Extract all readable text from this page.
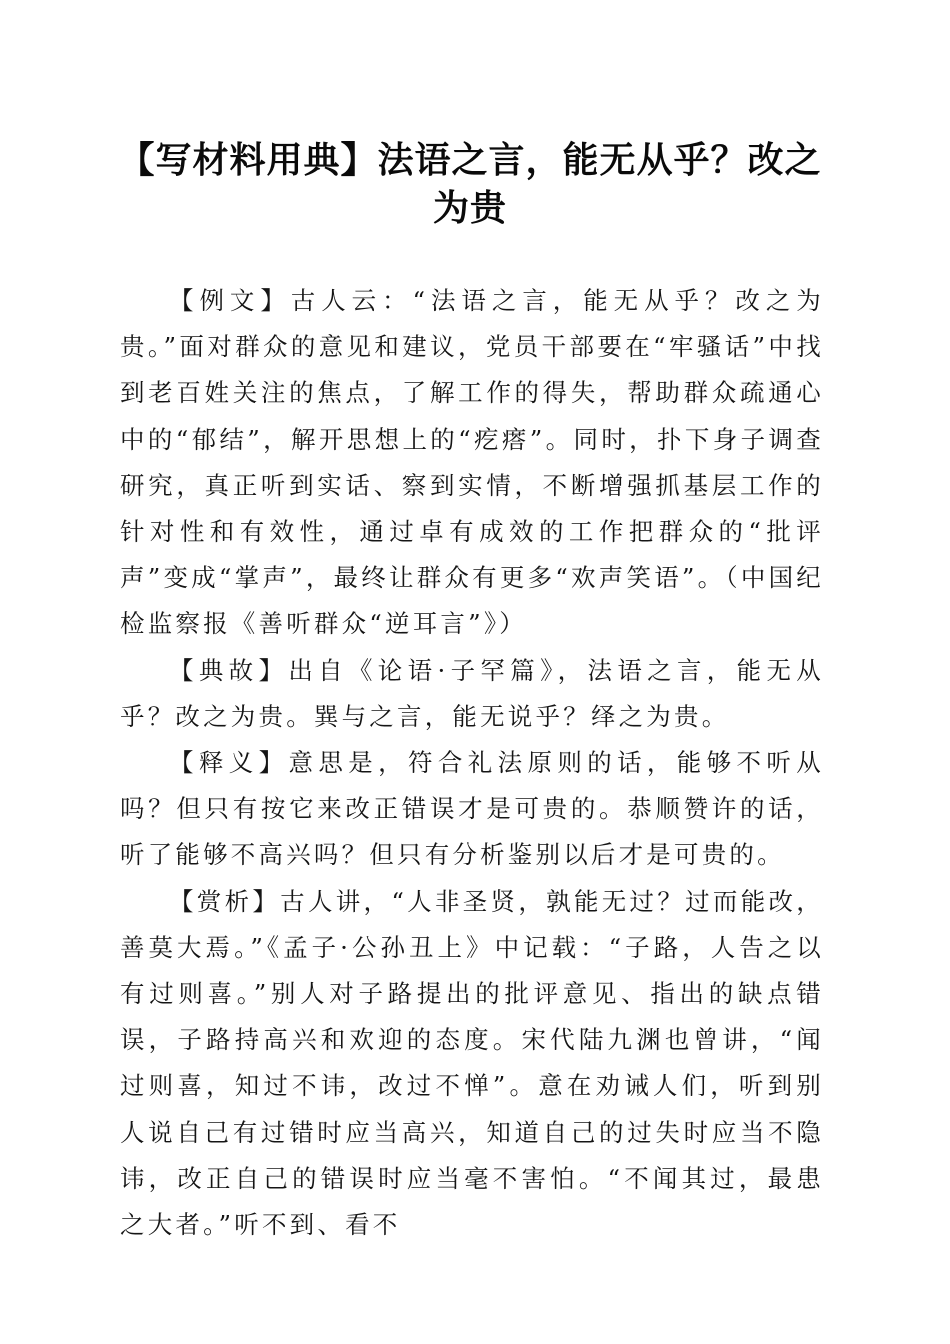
【写材料用典】法语之言，能无从乎？改之为贵

【例文】古人云：“法语之言，能无从乎？改之为贵。”面对群众的意见和建议，党员干部要在“牢骚话”中找到老百姓关注的焦点，了解工作的得失，帮助群众疏通心中的“郁结”，解开思想上的“疙瘩”。同时，扑下身子调查研究，真正听到实话、察到实情，不断增强抓基层工作的针对性和有效性，通过卓有成效的工作把群众的“批评声”变成“掌声”，最终让群众有更多“欢声笑语”。（中国纪检监察报《善听群众“逆耳言”》）

【典故】出自《论语·子罕篇》，法语之言，能无从乎？改之为贵。巽与之言，能无说乎？绎之为贵。

【释义】意思是，符合礼法原则的话，能够不听从吗？但只有按它来改正错误才是可贵的。恭顺赞许的话，听了能够不高兴吗？但只有分析鉴别以后才是可贵的。

【赏析】古人讲，“人非圣贤，孰能无过？过而能改，善莫大焉。”《孟子·公孙丑上》中记载：“子路，人告之以有过则喜。”别人对子路提出的批评意见、指出的缺点错误，子路持高兴和欢迎的态度。宋代陆九渊也曾讲，“闻过则喜，知过不讳，改过不惮”。意在劝诫人们，听到别人说自己有过错时应当高兴，知道自己的过失时应当不隐讳，改正自己的错误时应当毫不害怕。“不闻其过，最患之大者。”听不到、看不
